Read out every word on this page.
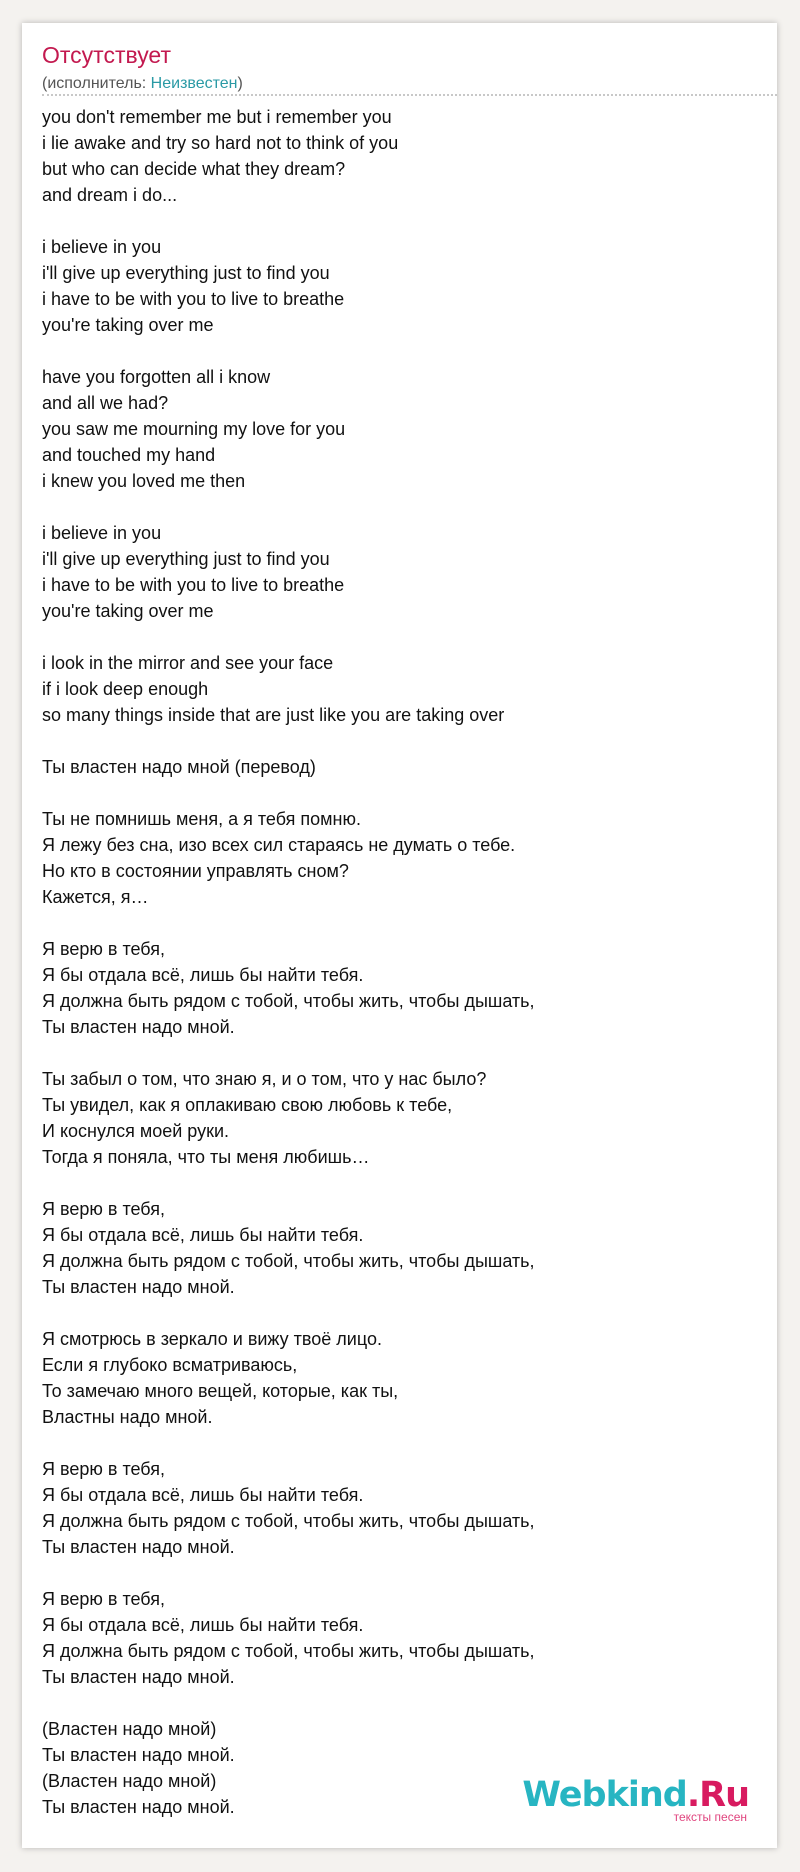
Отсутствует
(исполнитель: Неизвестен)
you don't remember me but i remember you
i lie awake and try so hard not to think of you
but who can decide what they dream?
and dream i do...

i believe in you
i'll give up everything just to find you
i have to be with you to live to breathe
you're taking over me

have you forgotten all i know
and all we had?
you saw me mourning my love for you
and touched my hand
i knew you loved me then

i believe in you
i'll give up everything just to find you
i have to be with you to live to breathe
you're taking over me

i look in the mirror and see your face
if i look deep enough
so many things inside that are just like you are taking over

Ты властен надо мной (перевод)

Ты не помнишь меня, а я тебя помню.
Я лежу без сна, изо всех сил стараясь не думать о тебе.
Но кто в состоянии управлять сном?
Кажется, я…

Я верю в тебя,
Я бы отдала всё, лишь бы найти тебя.
Я должна быть рядом с тобой, чтобы жить, чтобы дышать,
Ты властен надо мной.

Ты забыл о том, что знаю я, и о том, что у нас было?
Ты увидел, как я оплакиваю свою любовь к тебе,
И коснулся моей руки.
Тогда я поняла, что ты меня любишь…

Я верю в тебя,
Я бы отдала всё, лишь бы найти тебя.
Я должна быть рядом с тобой, чтобы жить, чтобы дышать,
Ты властен надо мной.

Я смотрюсь в зеркало и вижу твоё лицо.
Если я глубоко всматриваюсь,
То замечаю много вещей, которые, как ты,
Властны надо мной.

Я верю в тебя,
Я бы отдала всё, лишь бы найти тебя.
Я должна быть рядом с тобой, чтобы жить, чтобы дышать,
Ты властен надо мной.

Я верю в тебя,
Я бы отдала всё, лишь бы найти тебя.
Я должна быть рядом с тобой, чтобы жить, чтобы дышать,
Ты властен надо мной.

(Властен надо мной)
Ты властен надо мной.
(Властен надо мной)
Ты властен надо мной.	Webkind.Ru
тексты песен
